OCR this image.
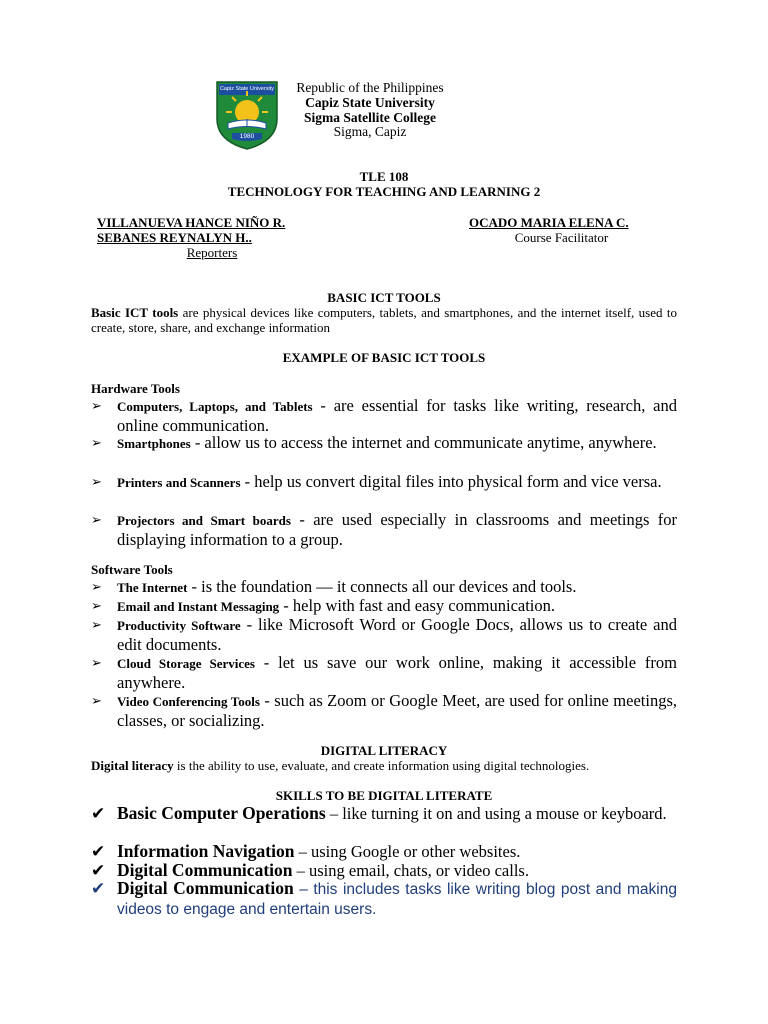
Capiz State University
1980
Republic of the Philippines
Capiz State University
Sigma Satellite College
Sigma, Capiz
TLE 108
TECHNOLOGY FOR TEACHING AND LEARNING 2
VILLANUEVA HANCE NIÑO R.
SEBANES REYNALYN H..
Reporters
OCADO MARIA ELENA C.
Course Facilitator
BASIC ICT TOOLS
Basic ICT tools are physical devices like computers, tablets, and smartphones, and the internet itself, used to create, store, share, and exchange information
EXAMPLE OF BASIC ICT TOOLS
Hardware Tools
➢	Computers, Laptops, and Tablets - are essential for tasks like writing, research, and online communication.
➢	Smartphones - allow us to access the internet and communicate anytime, anywhere.
➢	Printers and Scanners - help us convert digital files into physical form and vice versa.
➢	Projectors and Smart boards - are used especially in classrooms and meetings for displaying information to a group.
Software Tools
➢	The Internet - is the foundation — it connects all our devices and tools.
➢	Email and Instant Messaging - help with fast and easy communication.
➢	Productivity Software - like Microsoft Word or Google Docs, allows us to create and edit documents.
➢	Cloud Storage Services - let us save our work online, making it accessible from anywhere.
➢	Video Conferencing Tools - such as Zoom or Google Meet, are used for online meetings, classes, or socializing.
DIGITAL LITERACY
Digital literacy is the ability to use, evaluate, and create information using digital technologies.
SKILLS TO BE DIGITAL LITERATE
✔ Basic Computer Operations – like turning it on and using a mouse or keyboard.
✔ Information Navigation – using Google or other websites.
✔ Digital Communication – using email, chats, or video calls.
✔ Digital Communication – this includes tasks like writing blog post and making videos to engage and entertain users.
